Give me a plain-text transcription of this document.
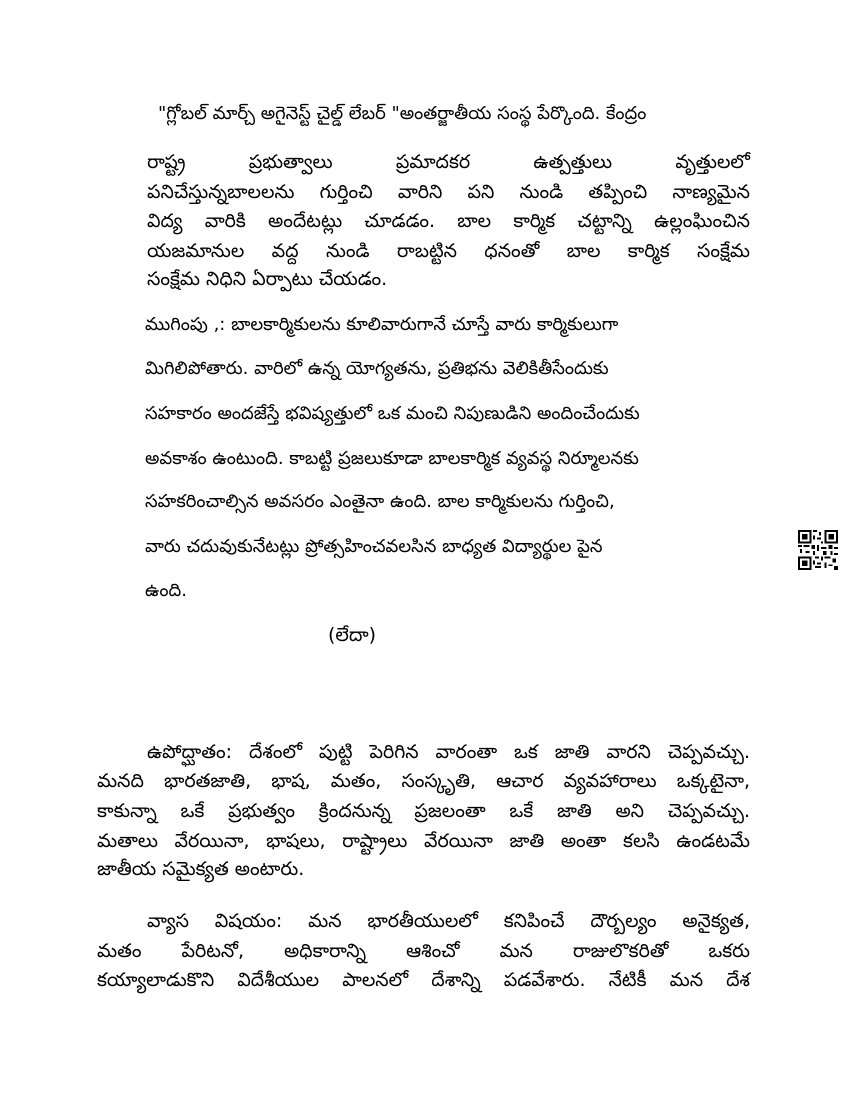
"గ్లోబల్ మార్చ్ అగైనెస్ట్ చైల్డ్ లేబర్ "అంతర్జాతీయ సంస్థ పేర్కొంది. కేంద్రం
రాష్ట్ర ప్రభుత్వాలు ప్రమాదకర ఉత్పత్తులు వృత్తులలో
పనిచేస్తున్నబాలలను గుర్తించి వారిని పని నుండి తప్పించి నాణ్యమైన
విద్య వారికి అందేటట్లు చూడడం. బాల కార్మిక చట్టాన్ని ఉల్లంఘించిన
యజమానుల వద్ద నుండి రాబట్టిన ధనంతో బాల కార్మిక సంక్షేమ
సంక్షేమ నిధిని ఏర్పాటు చేయడం.
ముగింపు ,: బాలకార్మికులను కూలివారుగానే చూస్తే వారు కార్మికులుగా
మిగిలిపోతారు. వారిలో ఉన్న యోగ్యతను, ప్రతిభను వెలికితీసేందుకు
సహకారం అందజేస్తే భవిష్యత్తులో ఒక మంచి నిపుణుడిని అందించేందుకు
అవకాశం ఉంటుంది. కాబట్టి ప్రజలుకూడా బాలకార్మిక వ్యవస్థ నిర్మూలనకు
సహకరించాల్సిన అవసరం ఎంతైనా ఉంది. బాల కార్మికులను గుర్తించి,
వారు చదువుకునేటట్లు ప్రోత్సహించవలసిన బాధ్యత విద్యార్థుల పైన
ఉంది.
(లేదా)
ఉపోద్ఘాతం: దేశంలో పుట్టి పెరిగిన వారంతా ఒక జాతి వారని చెప్పవచ్చు.
మనది భారతజాతి, భాష, మతం, సంస్కృతి, ఆచార వ్యవహారాలు ఒక్కటైనా,
కాకున్నా ఒకే ప్రభుత్వం క్రిందనున్న ప్రజలంతా ఒకే జాతి అని చెప్పవచ్చు.
మతాలు వేరయినా, భాషలు, రాష్ట్రాలు వేరయినా జాతి అంతా కలసి ఉండటమే
జాతీయ సమైక్యత అంటారు.
వ్యాస విషయం: మన భారతీయులలో కనిపించే దౌర్బల్యం అనైక్యత,
మతం పేరిటనో, అధికారాన్ని ఆశించో మన రాజులొకరితో ఒకరు
కయ్యాలాడుకొని విదేశీయుల పాలనలో దేశాన్ని పడవేశారు. నేటికీ మన దేశ
